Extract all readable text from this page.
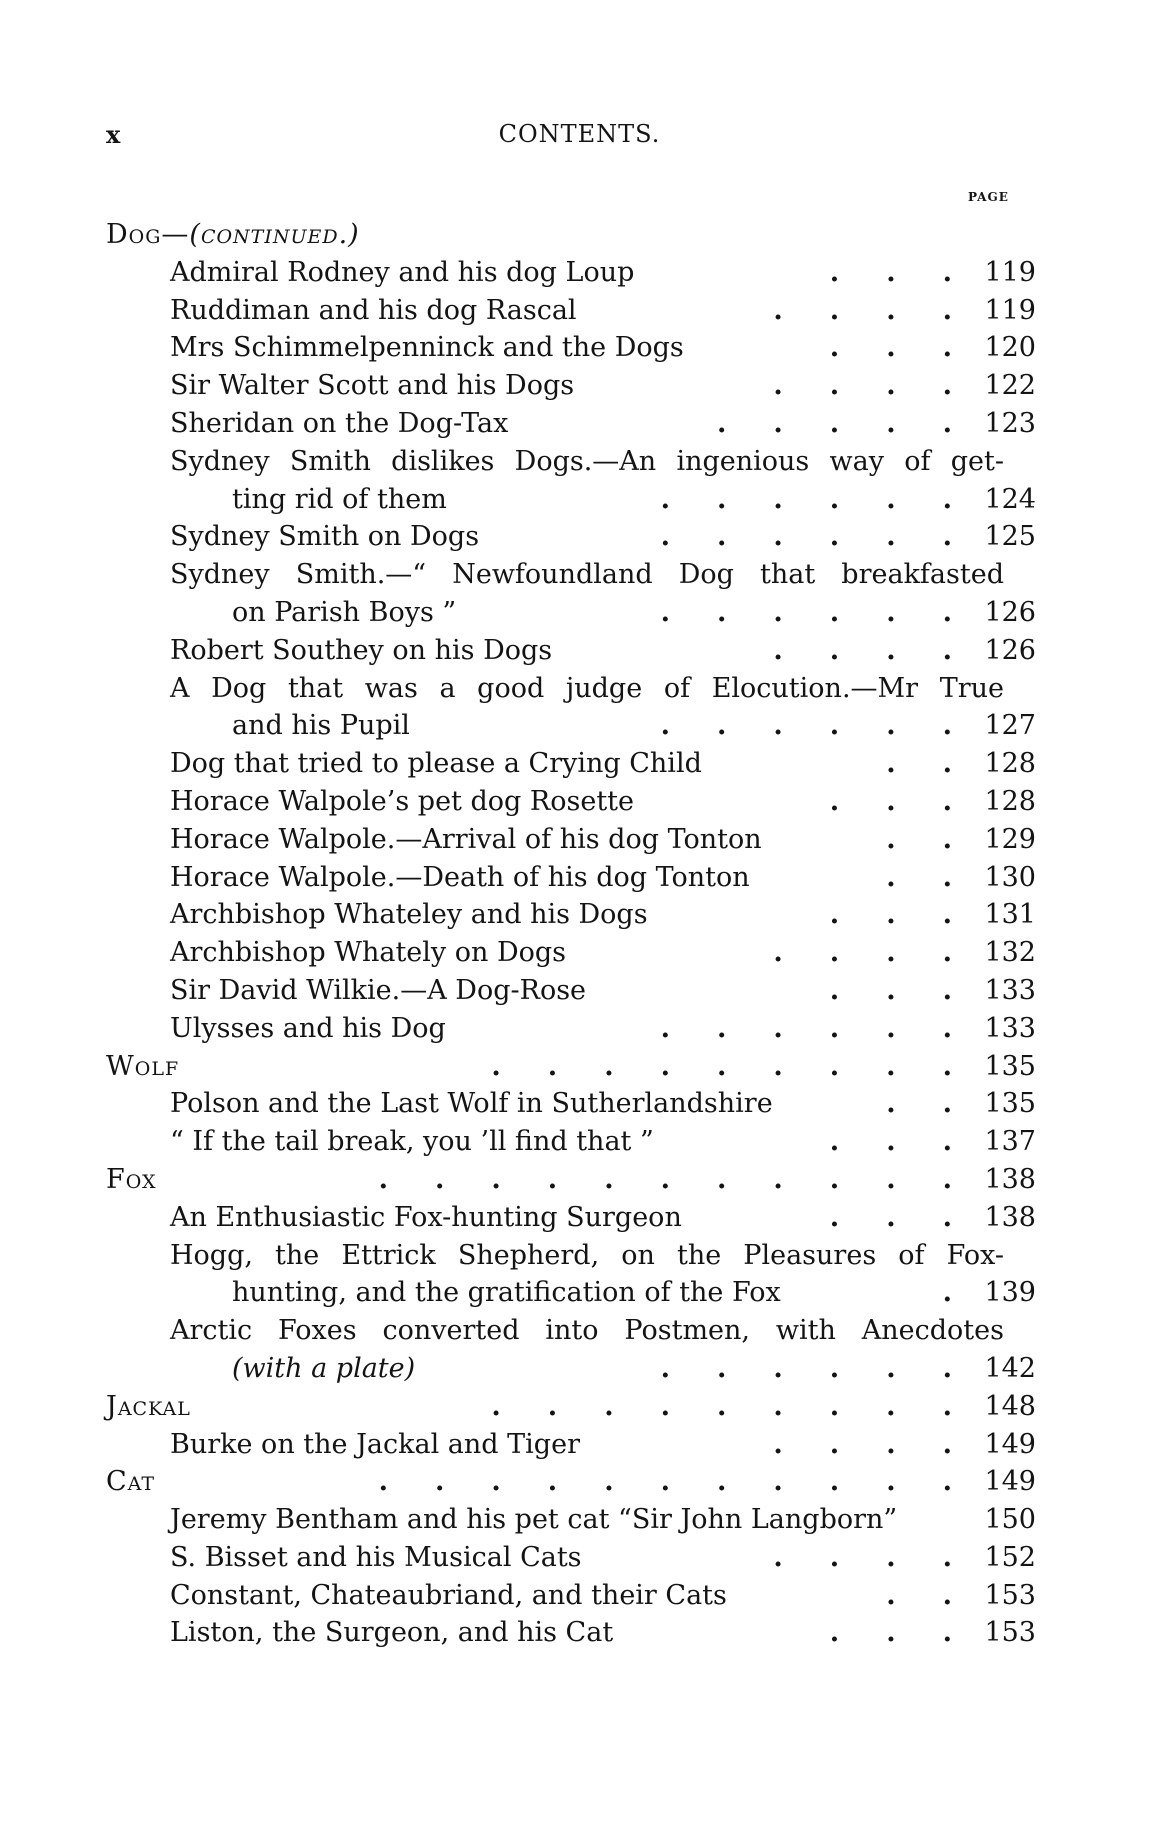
x	CONTENTS.
PAGE
Dog—(continued.)
Admiral Rodney and his dog Loup	.     .     .	119
Ruddiman and his dog Rascal	.     .     .     .	119
Mrs Schimmelpenninck and the Dogs	.     .     .	120
Sir Walter Scott and his Dogs	.     .     .     .	122
Sheridan on the Dog-Tax	.     .     .     .     .	123
Sydney Smith dislikes Dogs.—An ingenious way of get-
ting rid of them	.     .     .     .     .     .	124
Sydney Smith on Dogs	.     .     .     .     .     .	125
Sydney Smith.—“ Newfoundland Dog that breakfasted
on Parish Boys ”	.     .     .     .     .     .	126
Robert Southey on his Dogs	.     .     .     .	126
A Dog that was a good judge of Elocution.—Mr True
and his Pupil	.     .     .     .     .     .	127
Dog that tried to please a Crying Child	.     .	128
Horace Walpole’s pet dog Rosette	.     .     .	128
Horace Walpole.—Arrival of his dog Tonton	.     .	129
Horace Walpole.—Death of his dog Tonton	.     .	130
Archbishop Whateley and his Dogs	.     .     .	131
Archbishop Whately on Dogs	.     .     .     .	132
Sir David Wilkie.—A Dog-Rose	.     .     .	133
Ulysses and his Dog	.     .     .     .     .     .	133
Wolf	.     .     .     .     .     .     .     .     .	135
Polson and the Last Wolf in Sutherlandshire	.     .	135
“ If the tail break, you ’ll find that ”	.     .     .	137
Fox	.     .     .     .     .     .     .     .     .     .     .	138
An Enthusiastic Fox-hunting Surgeon	.     .     .	138
Hogg, the Ettrick Shepherd, on the Pleasures of Fox-
hunting, and the gratification of the Fox	.	139
Arctic Foxes converted into Postmen, with Anecdotes
(with a plate)	.     .     .     .     .     .	142
Jackal	.     .     .     .     .     .     .     .     .	148
Burke on the Jackal and Tiger	.     .     .     .	149
Cat	.     .     .     .     .     .     .     .     .     .     .	149
Jeremy Bentham and his pet cat “Sir John Langborn”	150
S. Bisset and his Musical Cats	.     .     .     .	152
Constant, Chateaubriand, and their Cats	.     .	153
Liston, the Surgeon, and his Cat	.     .     .	153
